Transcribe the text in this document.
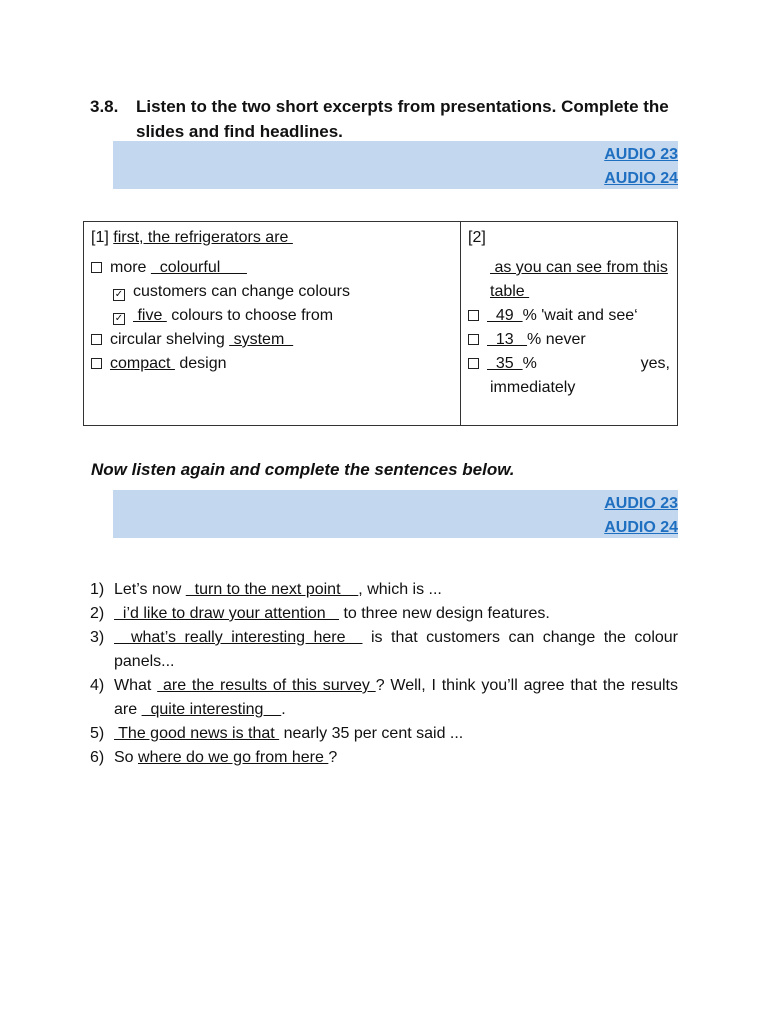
3.8. Listen to the two short excerpts from presentations. Complete the slides and find headlines.
AUDIO 23
AUDIO 24
[1] first, the refrigerators are
more   colourful
✓ customers can change colours
✓ five  colours to choose from
circular shelving  system
compact  design

[2]
as you can see from this
table
49  % 'wait and see‘
13   % never
35  %	yes,
immediately
Now listen again and complete the sentences below.
AUDIO 23
AUDIO 24
1) Let’s now   turn to the next point    , which is ...
2) i’d like to draw your attention    to three new design features.
3) what’s really interesting here   is that customers can change the colour panels...
4) What  are the results of this survey ? Well, I think you’ll agree that the results are   quite interesting    .
5) The good news is that  nearly 35 per cent said ...
6) So where do we go from here ?
